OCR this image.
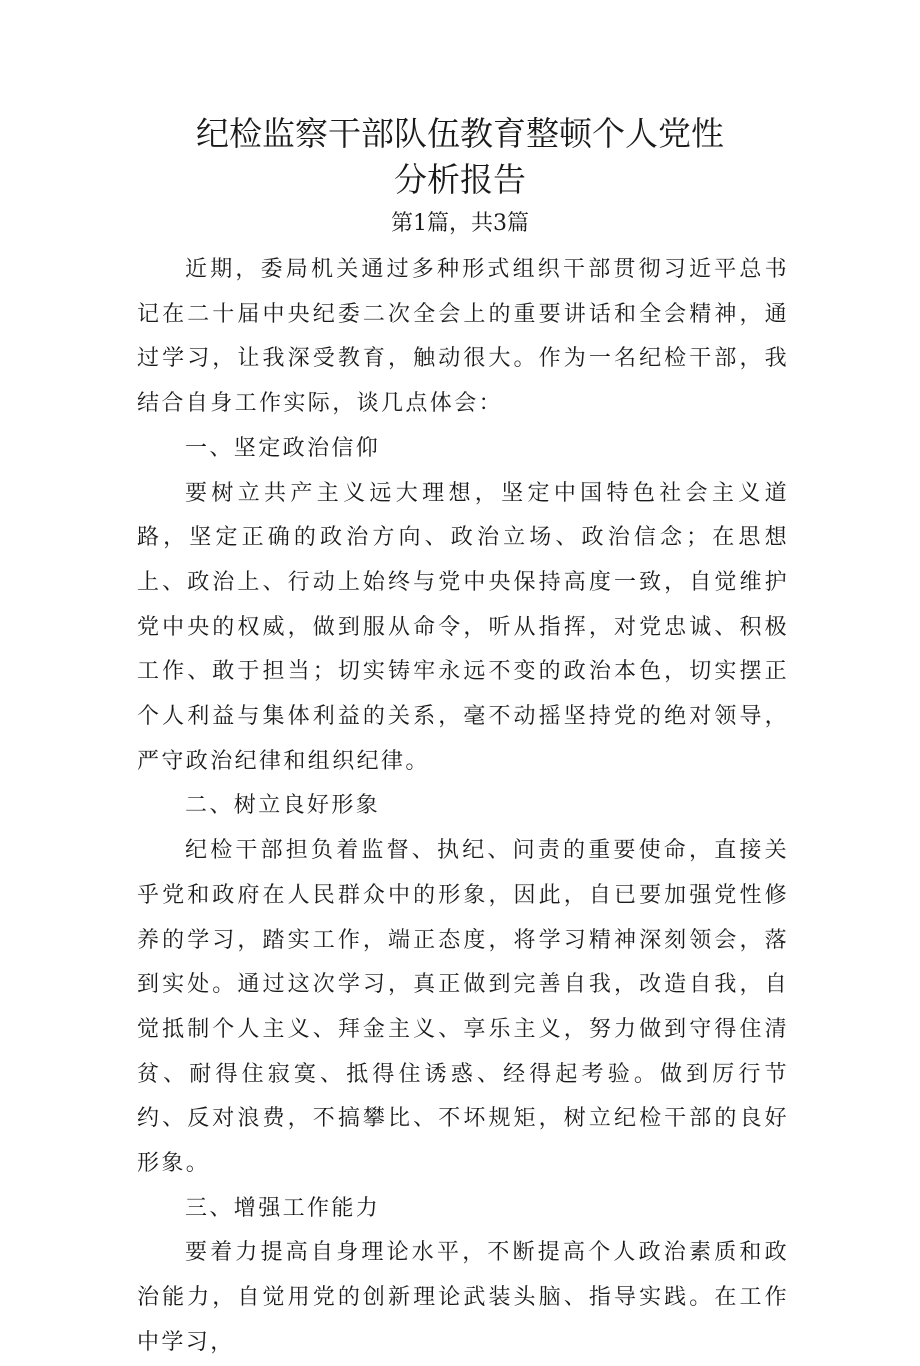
纪检监察干部队伍教育整顿个人党性
分析报告
第1篇，共3篇

近期，委局机关通过多种形式组织干部贯彻习近平总书记在二十届中央纪委二次全会上的重要讲话和全会精神，通过学习，让我深受教育，触动很大。作为一名纪检干部，我结合自身工作实际，谈几点体会：

一、坚定政治信仰

要树立共产主义远大理想，坚定中国特色社会主义道路，坚定正确的政治方向、政治立场、政治信念；在思想上、政治上、行动上始终与党中央保持高度一致，自觉维护党中央的权威，做到服从命令，听从指挥，对党忠诚、积极工作、敢于担当；切实铸牢永远不变的政治本色，切实摆正个人利益与集体利益的关系，毫不动摇坚持党的绝对领导，严守政治纪律和组织纪律。

二、树立良好形象

纪检干部担负着监督、执纪、问责的重要使命，直接关乎党和政府在人民群众中的形象，因此，自已要加强党性修养的学习，踏实工作，端正态度，将学习精神深刻领会，落到实处。通过这次学习，真正做到完善自我，改造自我，自觉抵制个人主义、拜金主义、享乐主义，努力做到守得住清贫、耐得住寂寞、抵得住诱惑、经得起考验。做到厉行节约、反对浪费，不搞攀比、不坏规矩，树立纪检干部的良好形象。

三、增强工作能力

要着力提高自身理论水平，不断提高个人政治素质和政治能力，自觉用党的创新理论武装头脑、指导实践。在工作中学习，
